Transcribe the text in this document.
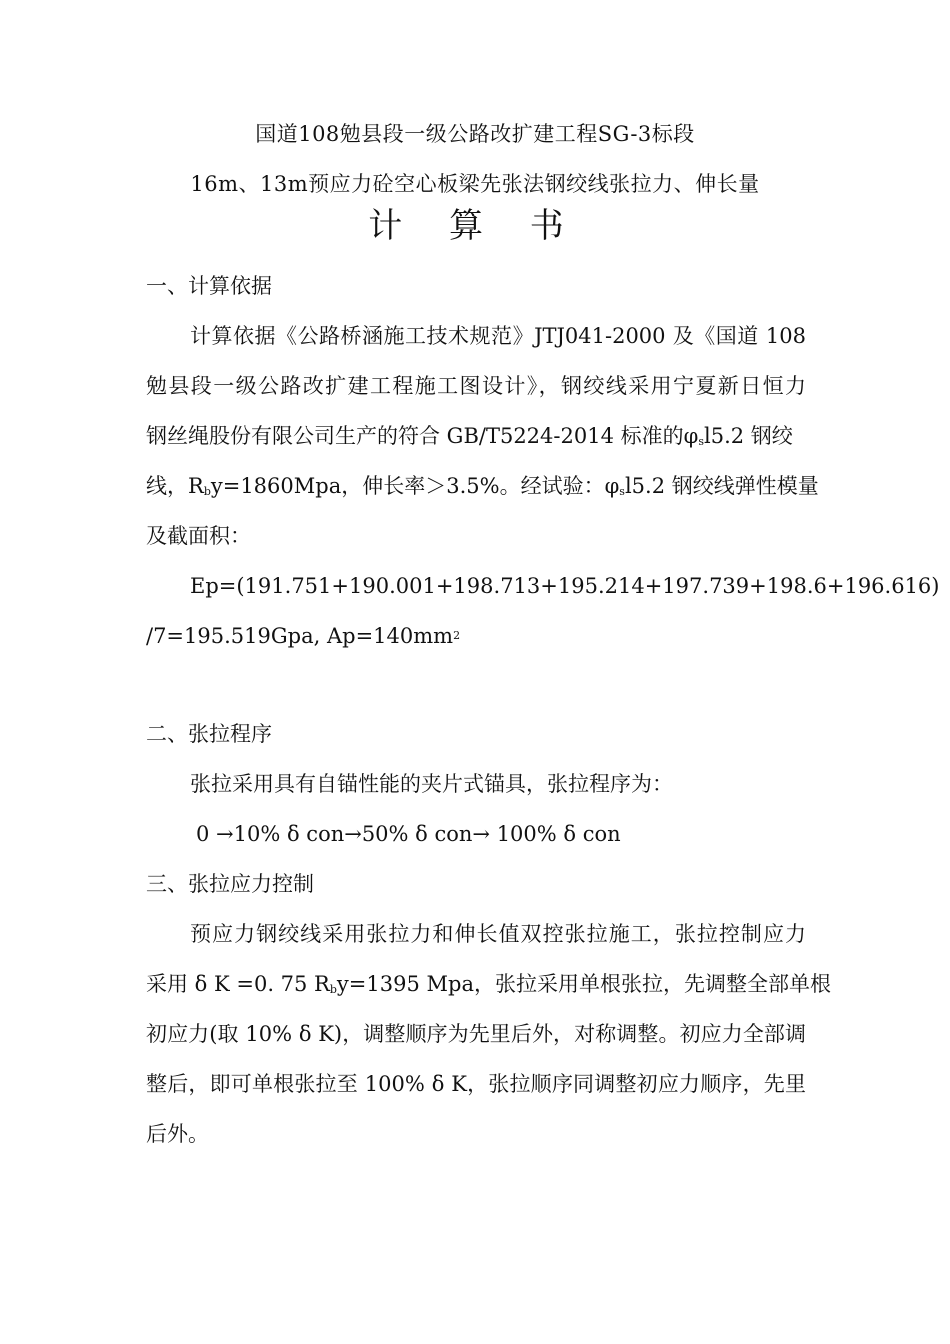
国道108勉县段一级公路改扩建工程SG-3标段
16m、13m预应力砼空心板梁先张法钢绞线张拉力、伸长量
计 算 书
一、计算依据
计算依据《公路桥涵施工技术规范》JTJ041-2000 及《国道 108
勉县段一级公路改扩建工程施工图设计》，钢绞线采用宁夏新日恒力
钢丝绳股份有限公司生产的符合 GB/T5224-2014 标准的$\varphi_sl5.2$ 钢绞
线，$R_by=1860Mpa$，伸长率＞3.5%。经试验：$\varphi_sl5.2$ 钢绞线弹性模量
及截面积：
Ep=(191.751+190.001+198.713+195.214+197.739+198.6+196.616)
/7=195.519Gpa, $Ap=140mm^2$
二、张拉程序
张拉采用具有自锚性能的夹片式锚具，张拉程序为：
0 →10% δ con→50% δ con→ 100% δ con
三、张拉应力控制
预应力钢绞线采用张拉力和伸长值双控张拉施工，张拉控制应力
采用 δ K =0. 75 $R_by=1395$ Mpa，张拉采用单根张拉，先调整全部单根
初应力(取 10% δ K)，调整顺序为先里后外，对称调整。初应力全部调
整后，即可单根张拉至 100% δ K，张拉顺序同调整初应力顺序，先里
后外。
